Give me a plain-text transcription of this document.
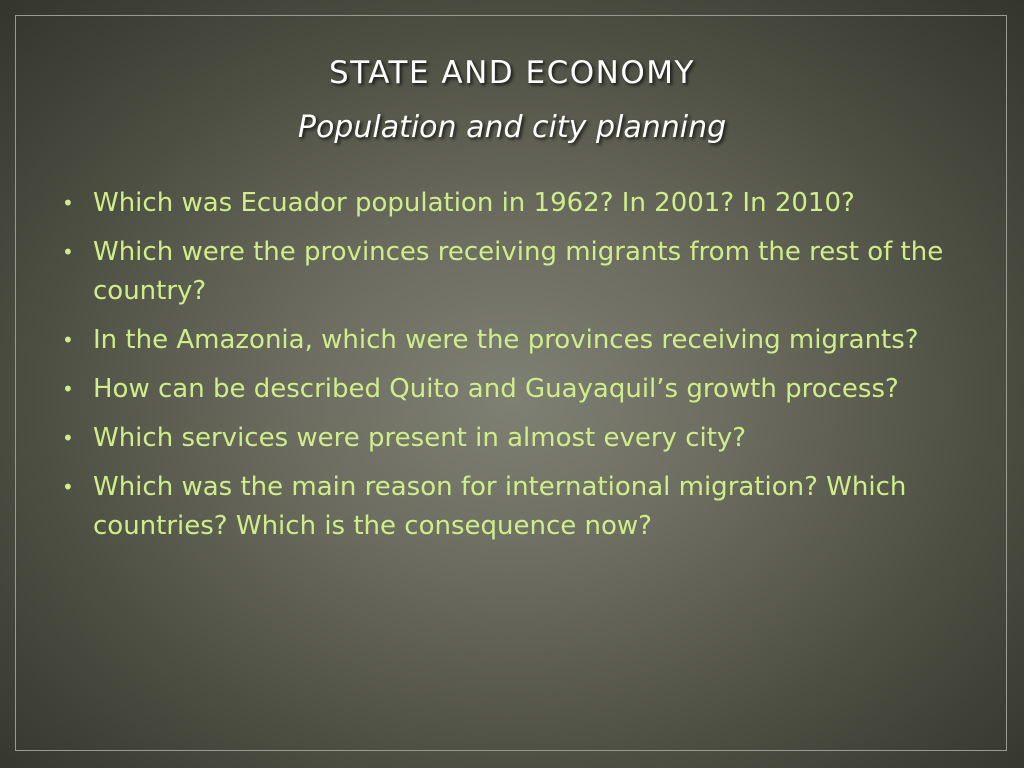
STATE AND ECONOMY
Population and city planning
• Which was Ecuador population in 1962? In 2001? In 2010?
• Which were the provinces receiving migrants from the rest of the country?
• In the Amazonia, which were the provinces receiving migrants?
• How can be described Quito and Guayaquil’s growth process?
• Which services were present in almost every city?
• Which was the main reason for international migration? Which countries? Which is the consequence now?
